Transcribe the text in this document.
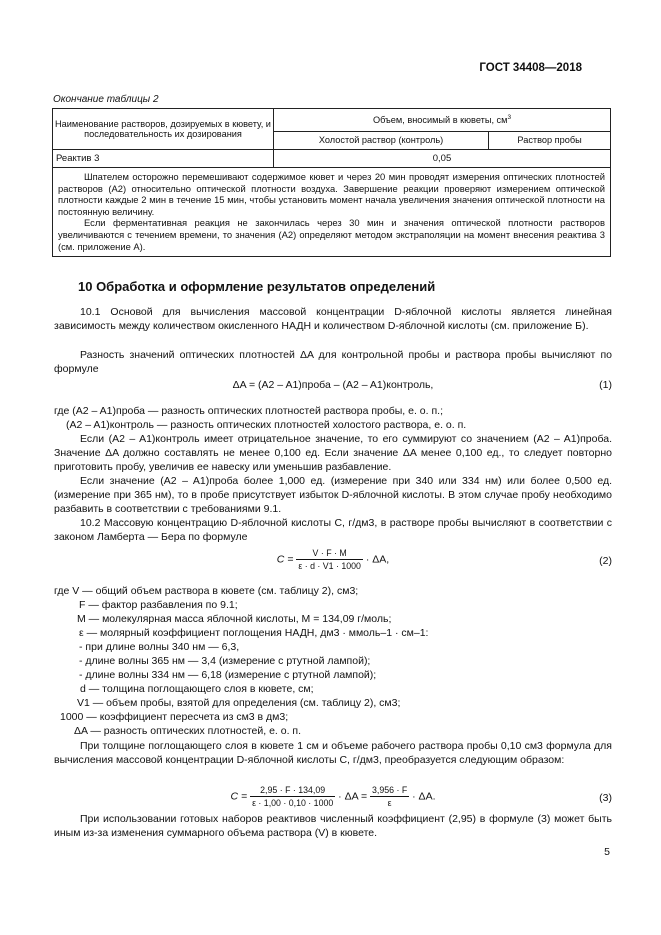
ГОСТ 34408—2018
Окончание таблицы 2
Наименование растворов, дозируемых в кювету, и последовательность их дозирования	Объем, вносимый в кюветы, $см^3$
	Холостой раствор (контроль)	Раствор пробы
Реактив 3	0,05	

Шпателем осторожно перемешивают содержимое кювет и через 20 мин проводят измерения оптических плотностей растворов (A2) относительно оптической плотности воздуха. Завершение реакции проверяют измерением оптической плотности каждые 2 мин в течение 15 мин, чтобы установить момент начала увеличения значения оптической плотности на постоянную величину.

Если ферментативная реакция не закончилась через 30 мин и значения оптической плотности растворов увеличиваются с течением времени, то значения (A2) определяют методом экстраполяции на момент внесения реактива 3 (см. приложение А).		

10 Обработка и оформление результатов определений

10.1 Основой для вычисления массовой концентрации D-яблочной кислоты является линейная зависимость между количеством окисленного НАДН и количеством D-яблочной кислоты (см. приложение Б).

Разность значений оптических плотностей ΔA для контрольной пробы и раствора пробы вычисляют по формуле

ΔA = (A2 – A1)проба – (A2 – A1)контроль,	(1)
где (A2 – A1)проба — разность оптических плотностей раствора пробы, е. о. п.;
(A2 – A1)контроль — разность оптических плотностей холостого раствора, е. о. п.

Если (A2 – A1)контроль имеет отрицательное значение, то его суммируют со значением (A2 – A1)проба. Значение ΔA должно составлять не менее 0,100 ед. Если значение ΔA менее 0,100 ед., то следует повторно приготовить пробу, увеличив ее навеску или уменьшив разбавление.

Если значение (A2 – A1)проба более 1,000 ед. (измерение при 340 или 334 нм) или более 0,500 ед. (измерение при 365 нм), то в пробе присутствует избыток D-яблочной кислоты. В этом случае пробу необходимо разбавить в соответствии с требованиями 9.1.

10.2 Массовую концентрацию D-яблочной кислоты C, г/дм3, в растворе пробы вычисляют в соответствии с законом Ламберта — Бера по формуле

$C = \frac{V \cdot F \cdot M}{\varepsilon \cdot d \cdot V1 \cdot 1000} \cdot \Delta A$,	(2)
где V — общий объем раствора в кювете (см. таблицу 2), см3;
F — фактор разбавления по 9.1;
M — молекулярная масса яблочной кислоты, M = 134,09 г/моль;
ε — молярный коэффициент поглощения НАДН, дм3 · ммоль–1 · см–1:
- при длине волны 340 нм — 6,3,
- длине волны 365 нм — 3,4 (измерение с ртутной лампой);
- длине волны 334 нм — 6,18 (измерение с ртутной лампой);
d — толщина поглощающего слоя в кювете, см;
V1 — объем пробы, взятой для определения (см. таблицу 2), см3;
1000 — коэффициент пересчета из см3 в дм3;
ΔA — разность оптических плотностей, е. о. п.

При толщине поглощающего слоя в кювете 1 см и объеме рабочего раствора пробы 0,10 см3 формула для вычисления массовой концентрации D-яблочной кислоты C, г/дм3, преобразуется следующим образом:

$C = \frac{2,95 \cdot F \cdot 134,09}{\varepsilon \cdot 1,00 \cdot 0,10 \cdot 1000} \cdot \Delta A = \frac{3,956 \cdot F}{\varepsilon} \cdot \Delta A$.	(3)

При использовании готовых наборов реактивов численный коэффициент (2,95) в формуле (3) может быть иным из-за изменения суммарного объема раствора (V) в кювете.

5
